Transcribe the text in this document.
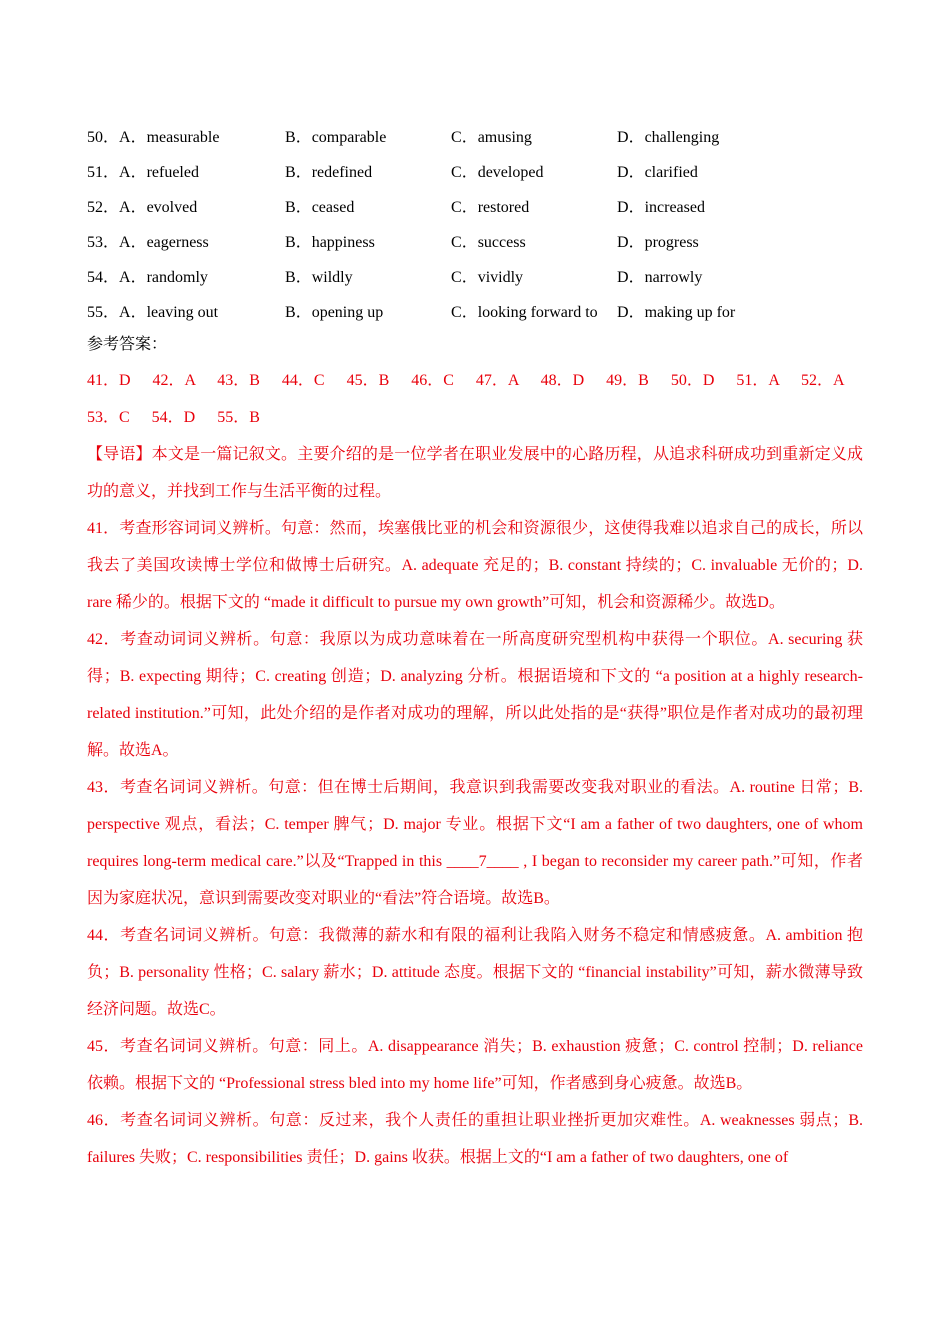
50． A．measurable	B．comparable	C．amusing	D．challenging
51． A．refueled	B．redefined	C．developed	D．clarified
52． A．evolved	B．ceased	C．restored	D．increased
53． A．eagerness	B．happiness	C．success	D．progress
54． A．randomly	B．wildly	C．vividly	D．narrowly
55． A．leaving out	B．opening up	C．looking forward to	D．making up for
参考答案：
41．D　 42．A　 43．B　 44．C　 45．B　 46．C　 47．A　 48．D　 49．B　 50．D　 51．A　 52．A
53．C　 54．D　 55．B

【导语】本文是一篇记叙文。主要介绍的是一位学者在职业发展中的心路历程，从追求科研成功到重新定义成功的意义，并找到工作与生活平衡的过程。

41．考查形容词词义辨析。句意：然而，埃塞俄比亚的机会和资源很少，这使得我难以追求自己的成长，所以我去了美国攻读博士学位和做博士后研究。A. adequate 充足的；B. constant 持续的；C. invaluable 无价的；D. rare 稀少的。根据下文的 “made it difficult to pursue my own growth”可知，机会和资源稀少。故选D。

42．考查动词词义辨析。句意：我原以为成功意味着在一所高度研究型机构中获得一个职位。A. securing 获得；B. expecting 期待；C. creating 创造；D. analyzing 分析。根据语境和下文的 “a position at a highly research-related institution.”可知，此处介绍的是作者对成功的理解，所以此处指的是“获得”职位是作者对成功的最初理解。故选A。

43．考查名词词义辨析。句意：但在博士后期间，我意识到我需要改变我对职业的看法。A. routine 日常；B. perspective 观点，看法；C. temper 脾气；D. major 专业。根据下文“I am a father of two daughters, one of whom requires long-term medical care.”以及“Trapped in this ____7____ , I began to reconsider my career path.”可知，作者因为家庭状况，意识到需要改变对职业的“看法”符合语境。故选B。

44．考查名词词义辨析。句意：我微薄的薪水和有限的福利让我陷入财务不稳定和情感疲惫。A. ambition 抱负；B. personality 性格；C. salary 薪水；D. attitude 态度。根据下文的 “financial instability”可知，薪水微薄导致经济问题。故选C。

45．考查名词词义辨析。句意：同上。A. disappearance 消失；B. exhaustion 疲惫；C. control 控制；D. reliance 依赖。根据下文的 “Professional stress bled into my home life”可知，作者感到身心疲惫。故选B。

46．考查名词词义辨析。句意：反过来，我个人责任的重担让职业挫折更加灾难性。A. weaknesses 弱点；B. failures 失败；C. responsibilities 责任；D. gains 收获。根据上文的“I am a father of two daughters, one of
